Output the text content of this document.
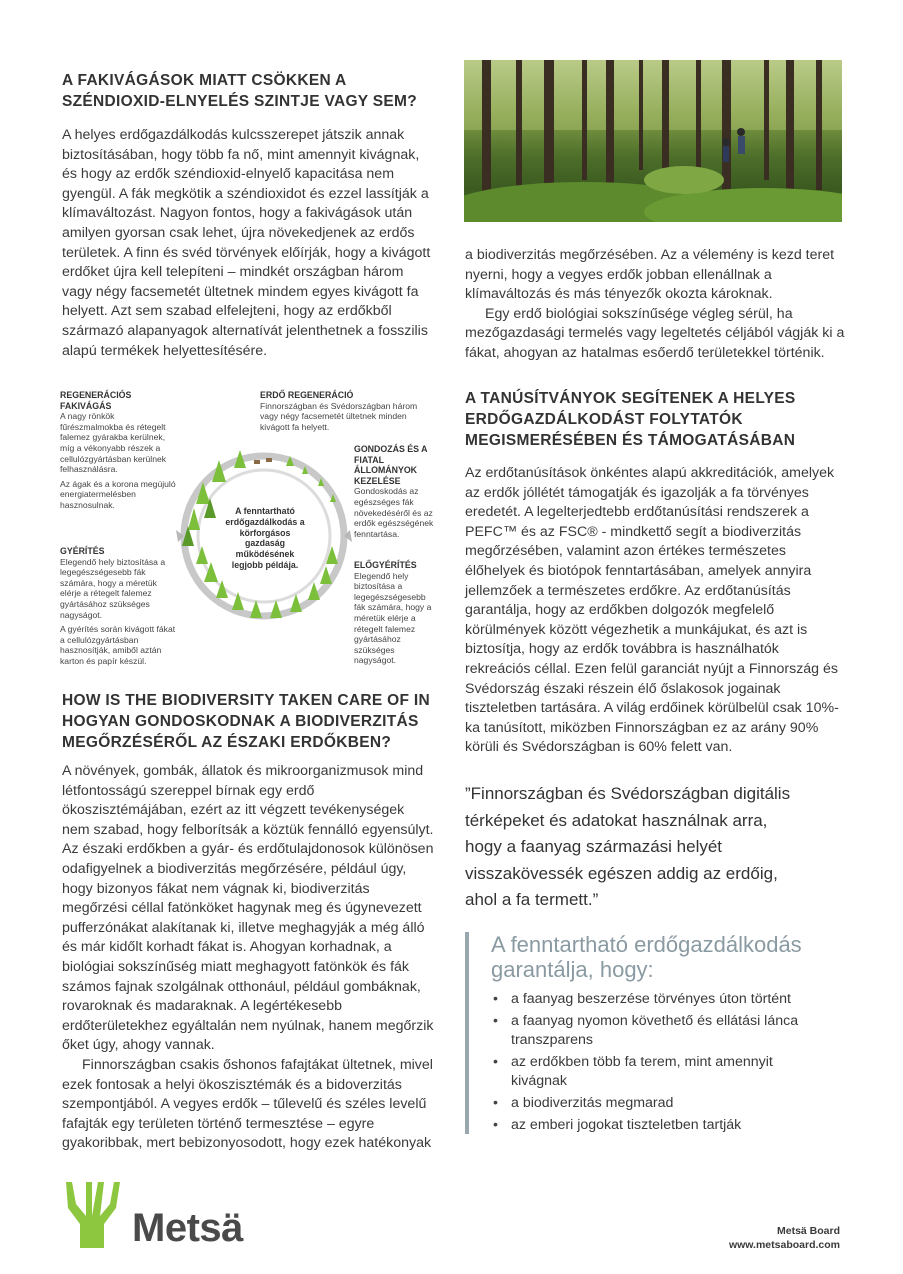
A FAKIVÁGÁSOK MIATT CSÖKKEN A SZÉNDIOXID-ELNYELÉS SZINTJE VAGY SEM?

A helyes erdőgazdálkodás kulcsszerepet játszik annak biztosításában, hogy több fa nő, mint amennyit kivágnak, és hogy az erdők széndioxid-elnyelő kapacitása nem gyengül. A fák megkötik a széndioxidot és ezzel lassítják a klímaváltozást. Nagyon fontos, hogy a fakivágások után amilyen gyorsan csak lehet, újra növekedjenek az erdős területek. A finn és svéd törvények előírják, hogy a kivágott erdőket újra kell telepíteni – mindkét országban három vagy négy facsemetét ültetnek mindem egyes kivágott fa helyett. Azt sem szabad elfelejteni, hogy az erdőkből származó alapanyagok alternatívát jelenthetnek a fosszilis alapú termékek helyettesítésére.

a biodiverzitás megőrzésében. Az a vélemény is kezd teret nyerni, hogy a vegyes erdők jobban ellenállnak a klímaváltozás és más tényezők okozta károknak.

Egy erdő biológiai sokszínűsége végleg sérül, ha mezőgazdasági termelés vagy legeltetés céljából vágják ki a fákat, ahogyan az hatalmas esőerdő területekkel történik.

A TANÚSÍTVÁNYOK SEGÍTENEK A HELYES ERDŐGAZDÁLKODÁST FOLYTATÓK MEGISMERÉSÉBEN ÉS TÁMOGATÁSÁBAN

Az erdőtanúsítások önkéntes alapú akkreditációk, amelyek az erdők jóllétét támogatják és igazolják a fa törvényes eredetét. A legelterjedtebb erdőtanúsítási rendszerek a PEFC™ és az FSC® - mindkettő segít a biodiverzitás megőrzésében, valamint azon értékes természetes élőhelyek és biotópok fenntartásában, amelyek annyira jellemzőek a természetes erdőkre. Az erdőtanúsítás garantálja, hogy az erdőkben dolgozók megfelelő körülmények között végezhetik a munkájukat, és azt is biztosítja, hogy az erdők továbbra is használhatók rekreációs céllal. Ezen felül garanciát nyújt a Finnország és Svédország északi részein élő őslakosok jogainak tiszteletben tartására. A világ erdőinek körülbelül csak 10%-ka tanúsított, miközben Finnországban ez az arány 90% körüli és Svédországban is 60% felett van.

”Finnországban és Svédországban digitális térképeket és adatokat használnak arra, hogy a faanyag származási helyét visszakövessék egészen addig az erdőig, ahol a fa termett.”
A fenntartható erdőgazdálkodás a körforgásos gazdaság működésének legjobb példája.
REGENERÁCIÓS FAKIVÁGÁS
A nagy rönkök fűrészmalmokba és rétegelt falemez gyárakba kerülnek, míg a vékonyabb részek a cellulózgyártásban kerülnek felhasználásra.
Az ágak és a korona megújuló energiatermelésben hasznosulnak.
GYÉRÍTÉS
Elegendő hely biztosítása a legegészségesebb fák számára, hogy a méretük elérje a rétegelt falemez gyártásához szükséges nagyságot.
A gyérítés során kivágott fákat a cellulózgyártásban hasznosítják, amiből aztán karton és papír készül.
ERDŐ REGENERÁCIÓ
Finnországban és Svédországban három vagy négy facsemetét ültetnek minden kivágott fa helyett.
GONDOZÁS ÉS A FIATAL ÁLLOMÁNYOK KEZELÉSE
Gondoskodás az egészséges fák növekedéséről és az erdők egészségének fenntartása.
ELŐGYÉRÍTÉS
Elegendő hely biztosítása a legegészségesebb fák számára, hogy a méretük elérje a rétegelt falemez gyártásához szükséges nagyságot.
HOW IS THE BIODIVERSITY TAKEN CARE OF IN HOGYAN GONDOSKODNAK A BIODIVERZITÁS MEGŐRZÉSÉRŐL AZ ÉSZAKI ERDŐKBEN?

A növények, gombák, állatok és mikroorganizmusok mind létfontosságú szereppel bírnak egy erdő ökoszisztémájában, ezért az itt végzett tevékenységek nem szabad, hogy felborítsák a köztük fennálló egyensúlyt. Az északi erdőkben a gyár- és erdőtulajdonosok különösen odafigyelnek a biodiverzitás megőrzésére, például úgy, hogy bizonyos fákat nem vágnak ki, biodiverzitás megőrzési céllal fatönköket hagynak meg és úgynevezett pufferzónákat alakítanak ki, illetve meghagyják a még álló és már kidőlt korhadt fákat is. Ahogyan korhadnak, a biológiai sokszínűség miatt meghagyott fatönkök és fák számos fajnak szolgálnak otthonául, például gombáknak, rovaroknak és madaraknak. A legértékesebb erdőterületekhez egyáltalán nem nyúlnak, hanem megőrzik őket úgy, ahogy vannak.

Finnországban csakis őshonos fafajtákat ültetnek, mivel ezek fontosak a helyi ökoszisztémák és a bidoverzitás szempontjából. A vegyes erdők – tűlevelű és széles levelű fafajták egy területen történő termesztése – egyre gyakoribbak, mert bebizonyosodott, hogy ezek hatékonyak

A fenntartható erdőgazdálkodás garantálja, hogy:
• a faanyag beszerzése törvényes úton történt
• a faanyag nyomon követhető és ellátási lánca transzparens
• az erdőkben több fa terem, mint amennyit kivágnak
• a biodiverzitás megmarad
• az emberi jogokat tiszteletben tartják
Metsä	Metsä Board
www.metsaboard.com
